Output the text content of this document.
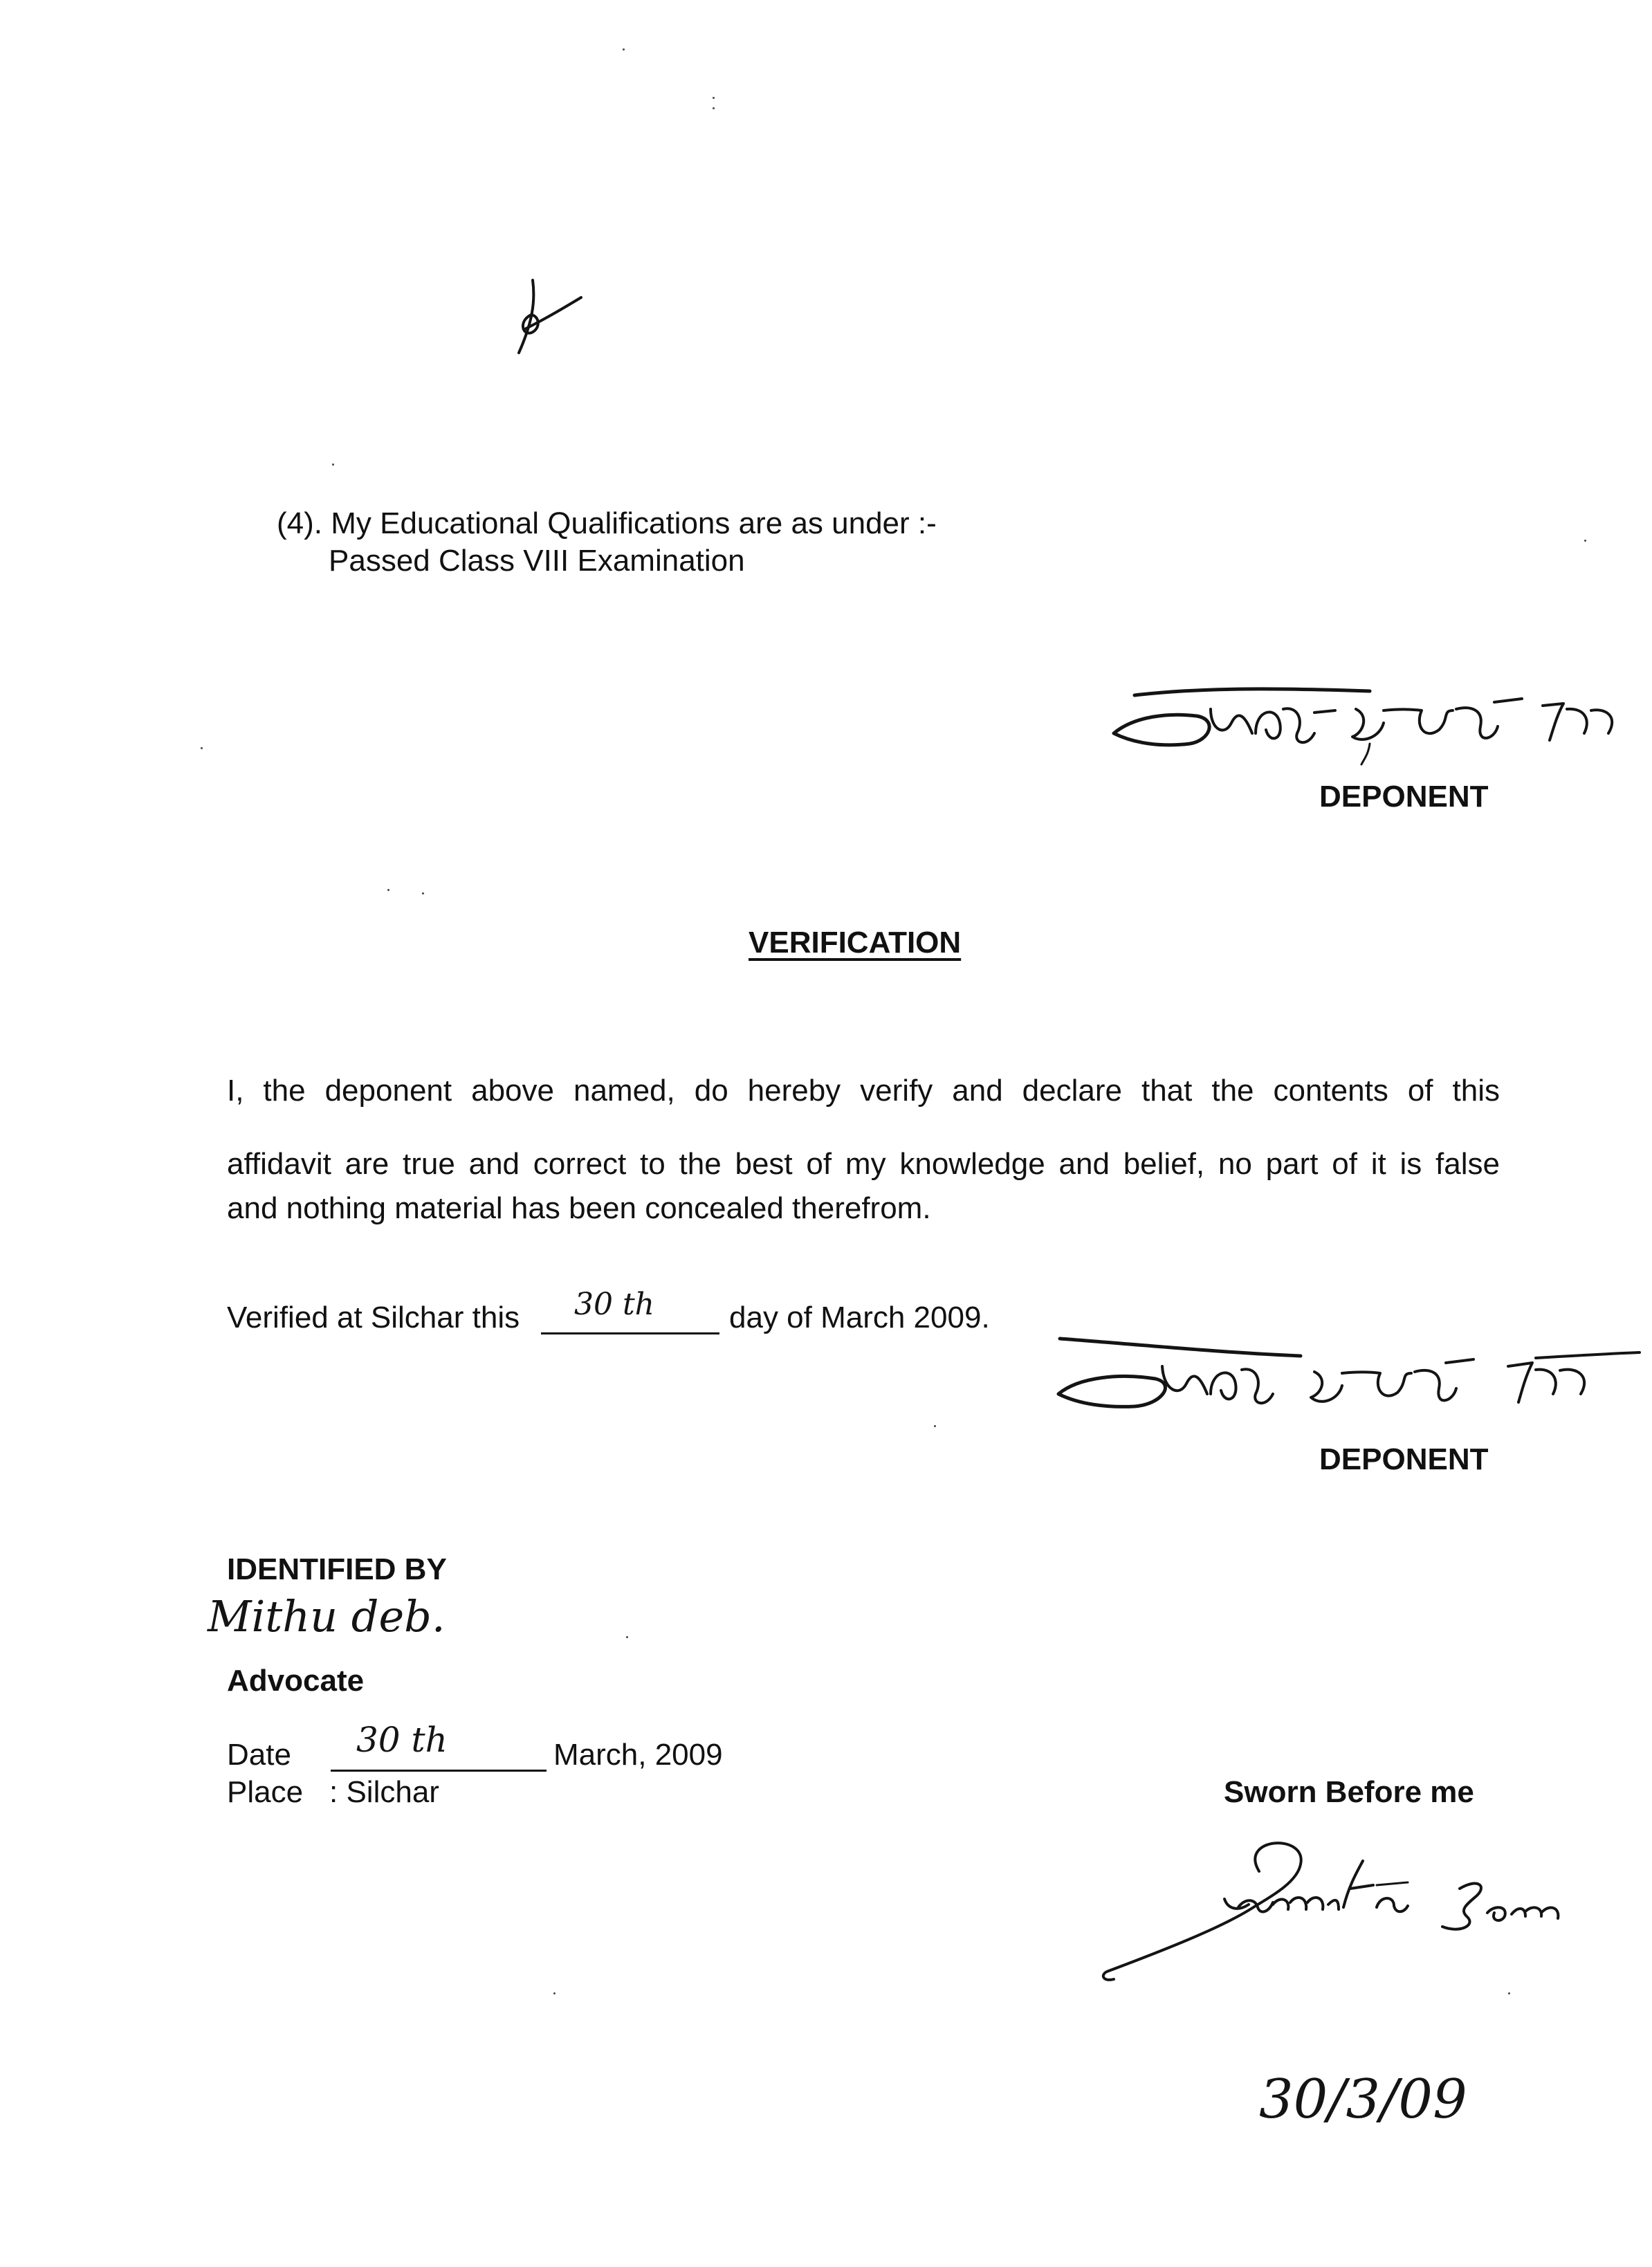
(4). My Educational Qualifications are as under :-

Passed Class VIII Examination

DEPONENT

VERIFICATION

I, the deponent above named, do hereby verify and declare that the contents of this

affidavit are true and correct to the best of my knowledge and belief, no part of it is false

and nothing material has been concealed therefrom.

Verified at Silchar this 30 th day of March 2009.

DEPONENT

IDENTIFIED BY

Mithu deb.

Advocate

Date 30 th	March, 2009

Place : Silchar	Sworn Before me

30/3/09
